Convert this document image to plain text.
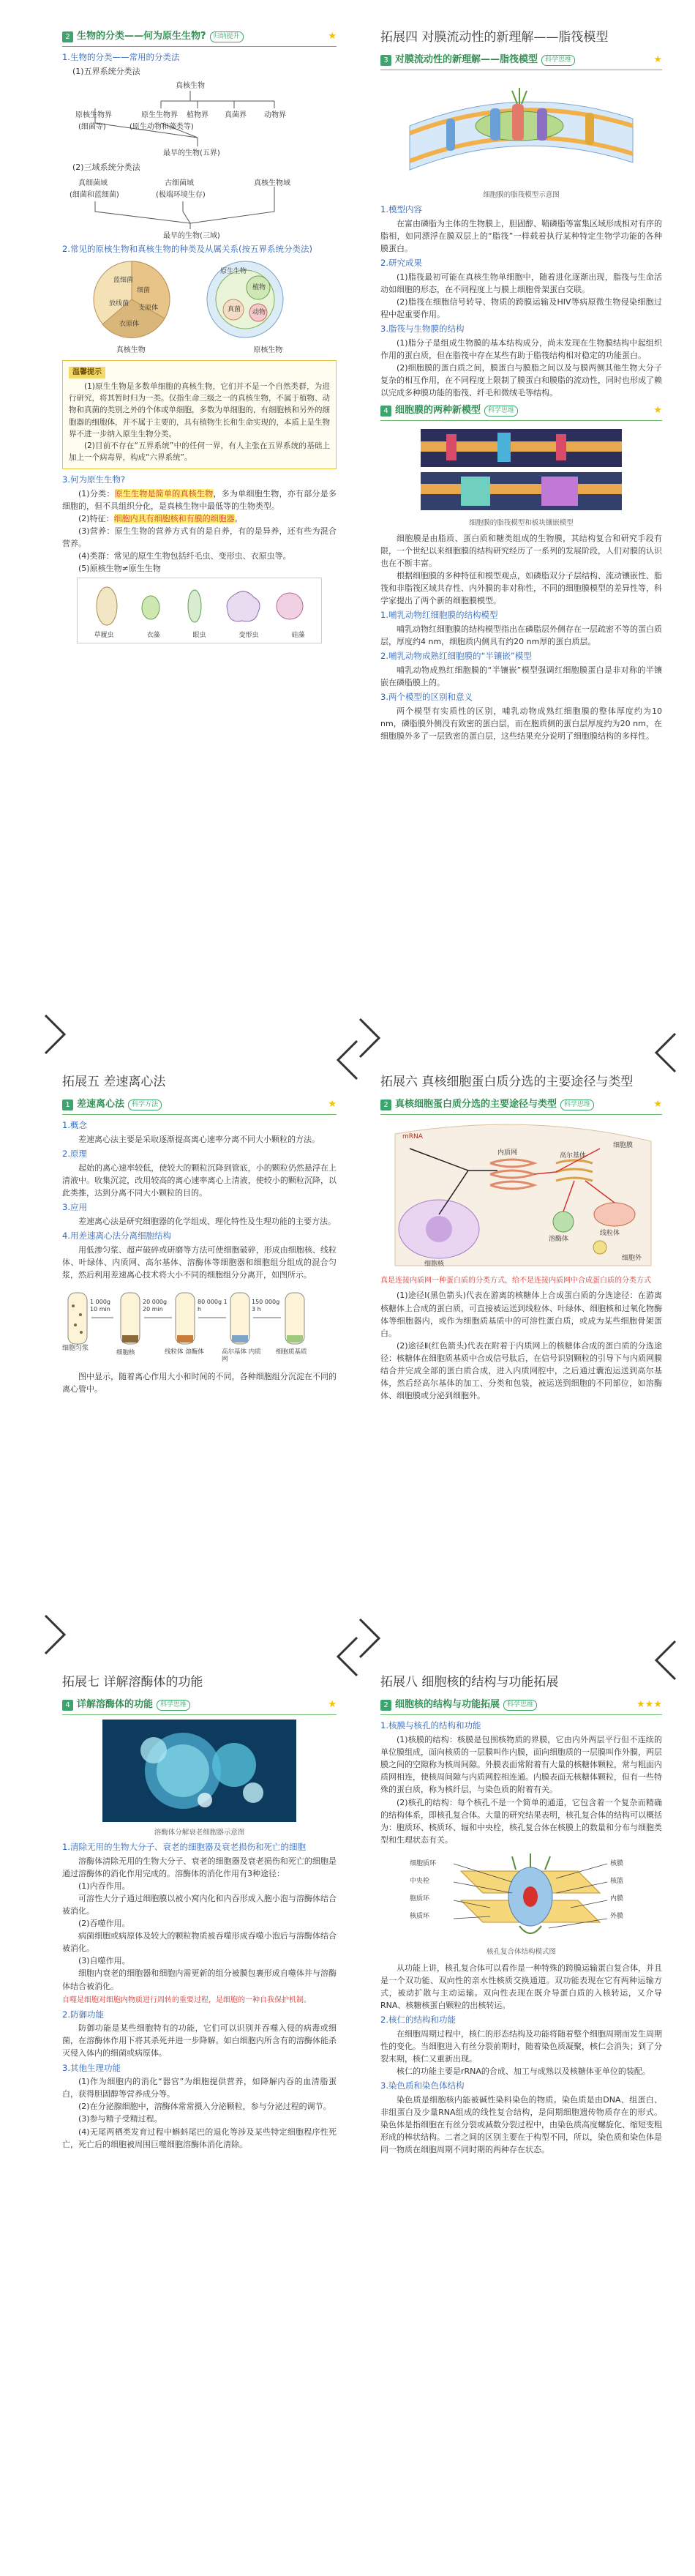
2 生物的分类——何为原生生物?	归纳提升	★
1.生物的分类——常用的分类法
(1)五界系统分类法
真核生物
原核生物界	原生生物界 植物界 真菌界 动物界
(细菌等)	(原生动物和藻类等)
最早的生物(五界)
(2)三域系统分类法
真细菌域
(细菌和蓝细菌)
古细菌域
(极端环境生存)
真核生物域
最早的生物(三域)
2.常见的原核生物和真核生物的种类及从属关系(按五界系统分类法)
蓝细菌
细菌
放线菌
支原体
衣原体
原生生物
植物
真菌 动物
真核生物	原核生物
温馨提示

(1)原生生物是多数单细胞的真核生物，它们并不是一个自然类群，为进行研究，将其暂时归为一类。仅指生命三级之一的真核生物，不属于植物、动物和真菌的类别之外的个体或单细胞，多数为单细胞的，有细胞核和另外的细胞器的细胞体，并不属于主要的，具有植物生长和生命实现的，本质上是生物界不进一步纳入原生生物分类。

(2)目前不存在“五界系统”中的任何一界，有人主张在五界系统的基础上加上一个病毒界，构成“六界系统”。

3.何为原生生物?

(1)分类：原生生物是简单的真核生物，多为单细胞生物，亦有部分是多细胞的，但不具组织分化，是真核生物中最低等的生物类型。

(2)特征：细胞内具有细胞核和有膜的细胞器。

(3)营养：原生生物的营养方式有的是自养，有的是异养，还有些为混合营养。

(4)类群：常见的原生生物包括纤毛虫、变形虫、衣原虫等。

(5)原核生物≠原生生物

草履虫	衣藻	眼虫	变形虫	硅藻
拓展四 对膜流动性的新理解——脂筏模型
3 对膜流动性的新理解——脂筏模型	科学思维	★
细胞膜的脂筏模型示意图
1.模型内容

在富由磷脂为主体的生物膜上，胆固醇、鞘磷脂等富集区域形成相对有序的脂相，如同漂浮在膜双层上的“脂筏”一样载着执行某种特定生物学功能的各种膜蛋白。

2.研究成果

(1)脂筏最初可能在真核生物单细胞中，随着进化逐渐出现，脂筏与生命活动如细胞的形态，在不同程度上与膜上细胞骨架蛋白交联。

(2)脂筏在细胞信号转导、物质的跨膜运输及HIV等病原微生物侵染细胞过程中起重要作用。

3.脂筏与生物膜的结构

(1)脂分子是组成生物膜的基本结构成分，尚未发现在生物膜结构中起组织作用的蛋白质，但在脂筏中存在某些有助于脂筏结构相对稳定的功能蛋白。

(2)细胞膜的蛋白质之间，膜蛋白与膜脂之间以及与膜两侧其他生物大分子复杂的相互作用，在不同程度上限制了膜蛋白和膜脂的流动性，同时也形成了赖以完成多种膜功能的脂筏、纤毛和微绒毛等结构。

4 细胞膜的两种新模型	科学思维	★
细胞膜的脂筏模型和板块镶嵌模型

细胞膜是由脂质、蛋白质和糖类组成的生物膜，其结构复合和研究手段有限，一个世纪以来细胞膜的结构研究经历了一系列的发展阶段，人们对膜的认识也在不断丰富。

根据细胞膜的多种特征和模型观点，如磷脂双分子层结构、流动镶嵌性、脂筏和非脂筏区域共存性、内外膜的非对称性，不同的细胞膜模型的差异性等，科学家提出了两个新的细胞膜模型。

1.哺乳动物红细胞膜的结构模型

哺乳动物红细胞膜的结构模型指出在磷脂层外侧存在一层疏密不等的蛋白质层，厚度约4 nm，细胞质内侧具有约20 nm厚的蛋白质层。

2.哺乳动物成熟红细胞膜的“半镶嵌”模型

哺乳动物成熟红细胞膜的“半镶嵌”模型强调红细胞膜蛋白是非对称的半镶嵌在磷脂膜上的。

3.两个模型的区别和意义

两个模型有实质性的区别，哺乳动物成熟红细胞膜的整体厚度约为10 nm，磷脂膜外侧没有致密的蛋白层，而在胞质侧的蛋白层厚度约为20 nm，在细胞膜外多了一层致密的蛋白层，这些结果充分说明了细胞膜结构的多样性。

拓展五 差速离心法
1 差速离心法	科学方法	★
1.概念

差速离心法主要是采取逐渐提高离心速率分离不同大小颗粒的方法。

2.原理

起始的离心速率较低，使较大的颗粒沉降到管底，小的颗粒仍然悬浮在上清液中。收集沉淀，改用较高的离心速率离心上清液，使较小的颗粒沉降，以此类推，达到分离不同大小颗粒的目的。

3.应用

差速离心法是研究细胞器的化学组成、理化特性及生理功能的主要方法。

4.用差速离心法分离细胞结构

用低渗匀浆、超声破碎或研磨等方法可使细胞破碎，形成由细胞核、线粒体、叶绿体、内质网、高尔基体、溶酶体等细胞器和细胞组分组成的混合匀浆，然后利用差速离心技术将大小不同的细胞组分分离开，如图所示。

细胞匀浆
1 000g 10 min
20 000g 20 min
80 000g 1 h
150 000g 3 h
细胞核	线粒体 溶酶体	高尔基体 内质网
细胞质基质

图中显示，随着离心作用大小和时间的不同，各种细胞组分沉淀在不同的离心管中。

拓展六 真核细胞蛋白质分选的主要途径与类型
2 真核细胞蛋白质分选的主要途径与类型	科学思维	★
mRNA
内质网	高尔基体
细胞膜
细胞核
溶酶体
线粒体
细胞外

真是连接内质网一种蛋白质的分类方式，给不是连接内质网中合成蛋白质的分类方式

(1)途径Ⅰ(黑色箭头)代表在游离的核糖体上合成蛋白质的分选途径：在游离核糖体上合成的蛋白质，可直接被运送到线粒体、叶绿体、细胞核和过氧化物酶体等细胞器内，或作为细胞质基质中的可溶性蛋白质，或成为某些细胞骨架蛋白。

(2)途径Ⅱ(红色箭头)代表在附着于内质网上的核糖体合成的蛋白质的分选途径：核糖体在细胞质基质中合成信号肽后，在信号识别颗粒的引导下与内质网膜结合并完成全部的蛋白质合成，进入内质网腔中，之后通过囊泡运送到高尔基体，然后经高尔基体的加工、分类和包装，被运送到细胞的不同部位，如溶酶体、细胞膜或分泌到细胞外。

拓展七 详解溶酶体的功能
4 详解溶酶体的功能	科学思维	★
溶酶体分解衰老细胞器示意图
1.清除无用的生物大分子、衰老的细胞器及衰老损伤和死亡的细胞

溶酶体清除无用的生物大分子、衰老的细胞器及衰老损伤和死亡的细胞是通过溶酶体的消化作用完成的。溶酶体的消化作用有3种途径：

(1)内吞作用。

可溶性大分子通过细胞膜以被小窝内化和内吞形成入胞小泡与溶酶体结合被消化。

(2)吞噬作用。

病菌细胞或病原体及较大的颗粒物质被吞噬形成吞噬小泡后与溶酶体结合被消化。

(3)自噬作用。

细胞内衰老的细胞器和细胞内需更新的组分被膜包裹形成自噬体并与溶酶体结合被消化。

自噬是细胞对细胞内物质进行周转的重要过程，是细胞的一种自我保护机制。

2.防御功能

防御功能是某些细胞特有的功能，它们可以识别并吞噬入侵的病毒或细菌，在溶酶体作用下将其杀死并进一步降解。如白细胞内所含有的溶酶体能杀灭侵入体内的细菌或病原体。

3.其他生理功能

(1)作为细胞内的消化“器官”为细胞提供营养，如降解内吞的血清脂蛋白，获得胆固醇等营养成分等。

(2)在分泌腺细胞中，溶酶体常常摄入分泌颗粒，参与分泌过程的调节。

(3)参与精子受精过程。

(4)无尾两栖类发育过程中蝌蚪尾巴的退化等涉及某些特定细胞程序性死亡，死亡后的细胞被周围巨噬细胞溶酶体消化清除。

拓展八 细胞核的结构与功能拓展
2 细胞核的结构与功能拓展	科学思维	★★★
1.核膜与核孔的结构和功能

(1)核膜的结构：核膜是包围核物质的界膜，它由内外两层平行但不连续的单位膜组成，面向核质的一层膜叫作内膜，面向细胞质的一层膜叫作外膜，两层膜之间的空隙称为核周间隙。外膜表面常附着有大量的核糖体颗粒，常与粗面内质网相连，使核周间隙与内质网腔相连通。内膜表面无核糖体颗粒，但有一些特殊的蛋白质，称为核纤层，与染色质的附着有关。

(2)核孔的结构：每个核孔不是一个简单的通道，它包含着一个复杂而精确的结构体系，即核孔复合体。大量的研究结果表明，核孔复合体的结构可以概括为：胞质环、核质环、辐和中央栓，核孔复合体在核膜上的数量和分布与细胞类型和生理状态有关。

细胞质环
中央栓
胞质环
核质环
核膜
核篮
内膜
外膜
核孔复合体结构模式图

从功能上讲，核孔复合体可以看作是一种特殊的跨膜运输蛋白复合体，并且是一个双功能、双向性的亲水性核质交换通道。双功能表现在它有两种运输方式，被动扩散与主动运输。双向性表现在既介导蛋白质的入核转运，又介导RNA、核糖核蛋白颗粒的出核转运。

2.核仁的结构和功能

在细胞周期过程中，核仁的形态结构及功能将随着整个细胞周期而发生周期性的变化。当细胞进入有丝分裂前期时，随着染色质凝聚，核仁会消失；到了分裂末期，核仁又重新出现。

核仁的功能主要是rRNA的合成、加工与成熟以及核糖体亚单位的装配。

3.染色质和染色体结构

染色质是细胞核内能被碱性染料染色的物质。染色质是由DNA、组蛋白、非组蛋白及少量RNA组成的线性复合结构，是间期细胞遗传物质存在的形式。染色体是指细胞在有丝分裂或减数分裂过程中，由染色质高度螺旋化、缩短变粗形成的棒状结构。二者之间的区别主要在于构型不同，所以，染色质和染色体是同一物质在细胞周期不同时期的两种存在状态。
